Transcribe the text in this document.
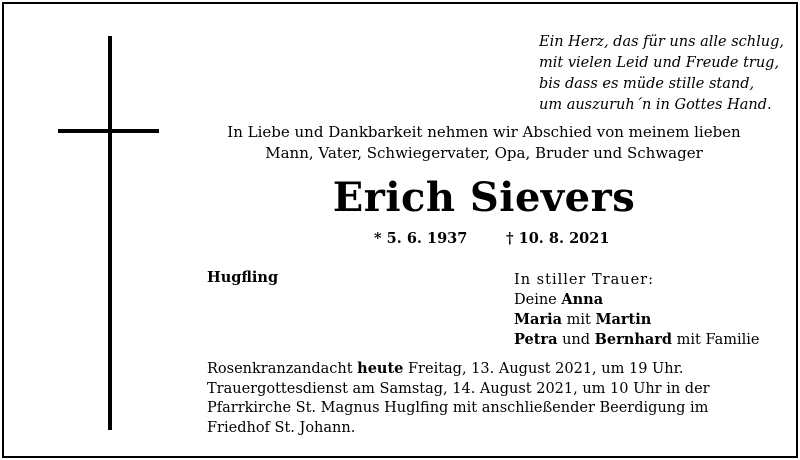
Ein Herz, das für uns alle schlug,
mit vielen Leid und Freude trug,
bis dass es müde stille stand,
um auszuruh´n in Gottes Hand.
In Liebe und Dankbarkeit nehmen wir Abschied von meinem lieben
Mann, Vater, Schwiegervater, Opa, Bruder und Schwager
Erich Sievers
* 5. 6. 1937	† 10. 8. 2021
Hugfling	In stiller Trauer:
Deine Anna
Maria mit Martin
Petra und Bernhard mit Familie
Rosenkranzandacht heute Freitag, 13. August 2021, um 19 Uhr.
Trauergottesdienst am Samstag, 14. August 2021, um 10 Uhr in der
Pfarrkirche St. Magnus Huglfing mit anschließender Beerdigung im
Friedhof St. Johann.
